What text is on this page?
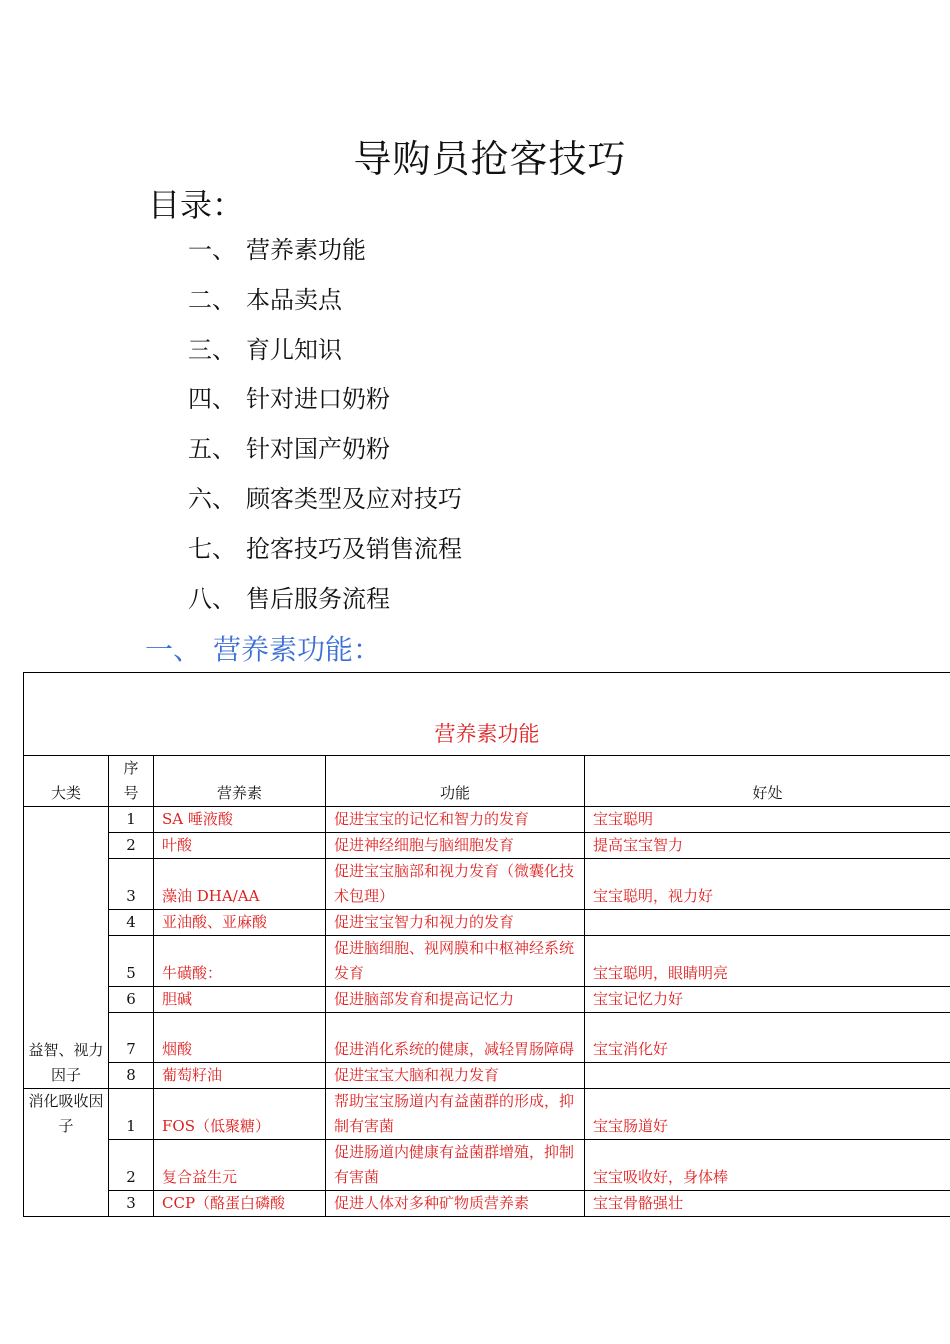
导购员抢客技巧
目录：
一、 营养素功能
二、 本品卖点
三、 育儿知识
四、 针对进口奶粉
五、 针对国产奶粉
六、 顾客类型及应对技巧
七、 抢客技巧及销售流程
八、 售后服务流程
一、 营养素功能：
营养素功能				
大类	序号	营养素	功能	好处
益智、视力因子	1	SA 唾液酸	促进宝宝的记忆和智力的发育	宝宝聪明
	2	叶酸	促进神经细胞与脑细胞发育	提高宝宝智力
	3	藻油 DHA/AA	促进宝宝脑部和视力发育（微囊化技术包理）	宝宝聪明，视力好
	4	亚油酸、亚麻酸	促进宝宝智力和视力的发育	
	5	牛磺酸：	促进脑细胞、视网膜和中枢神经系统发育	宝宝聪明，眼睛明亮
	6	胆碱	促进脑部发育和提高记忆力	宝宝记忆力好
	7	烟酸	促进消化系统的健康，减轻胃肠障碍	宝宝消化好
	8	葡萄籽油	促进宝宝大脑和视力发育	
消化吸收因子	1	FOS（低聚糖）	帮助宝宝肠道内有益菌群的形成，抑制有害菌	宝宝肠道好
	2	复合益生元	促进肠道内健康有益菌群增殖，抑制有害菌	宝宝吸收好，身体棒
	3	CCP（酪蛋白磷酸	促进人体对多种矿物质营养素	宝宝骨骼强壮
